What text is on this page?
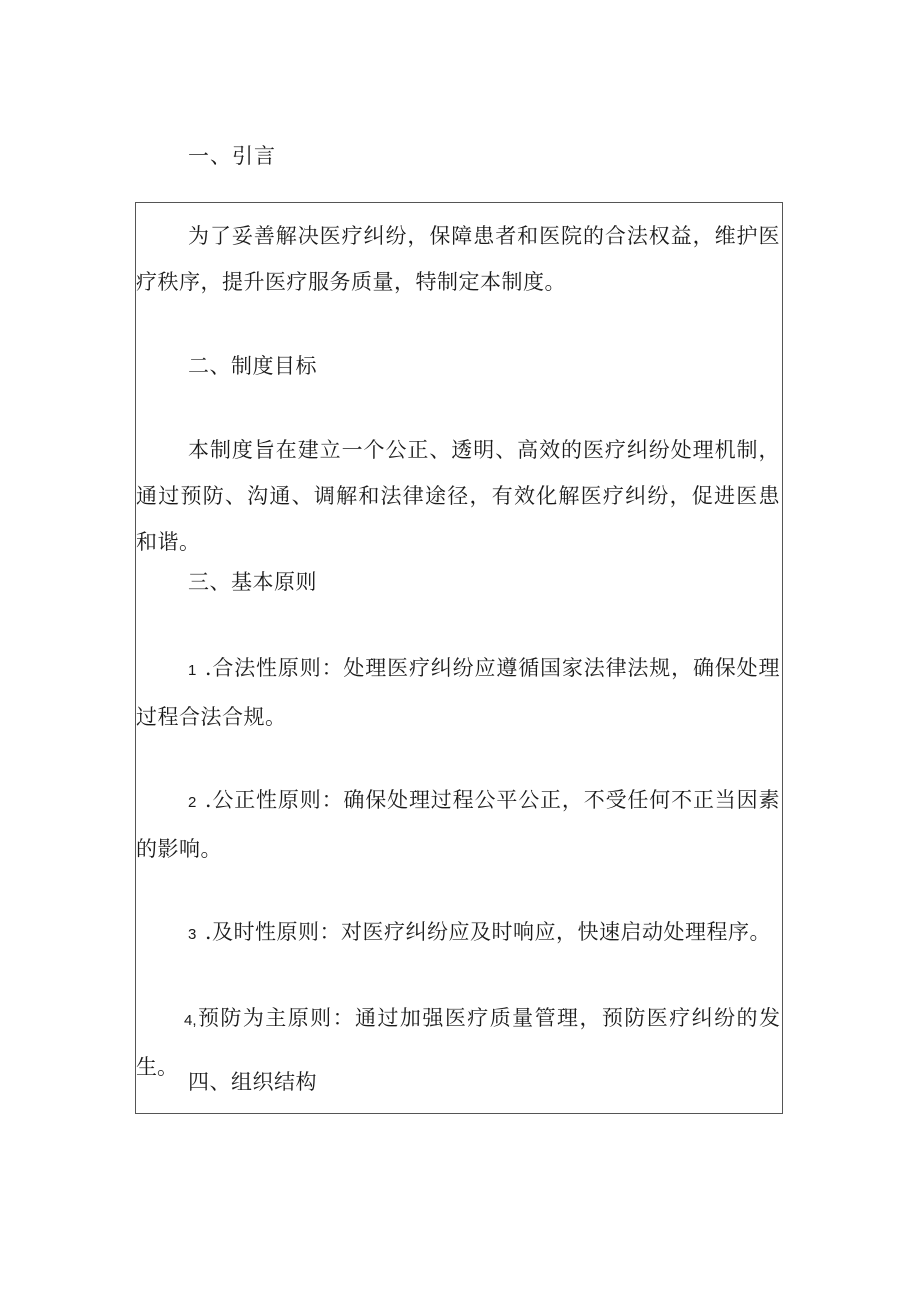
一、引言

为了妥善解决医疗纠纷，保障患者和医院的合法权益，维护医疗秩序，提升医疗服务质量，特制定本制度。

二、制度目标

本制度旨在建立一个公正、透明、高效的医疗纠纷处理机制，通过预防、沟通、调解和法律途径，有效化解医疗纠纷，促进医患和谐。

三、基本原则

1 .合法性原则：处理医疗纠纷应遵循国家法律法规，确保处理过程合法合规。

2 .公正性原则：确保处理过程公平公正，不受任何不正当因素的影响。

3 .及时性原则：对医疗纠纷应及时响应，快速启动处理程序。

4,预防为主原则：通过加强医疗质量管理，预防医疗纠纷的发生。

四、组织结构
